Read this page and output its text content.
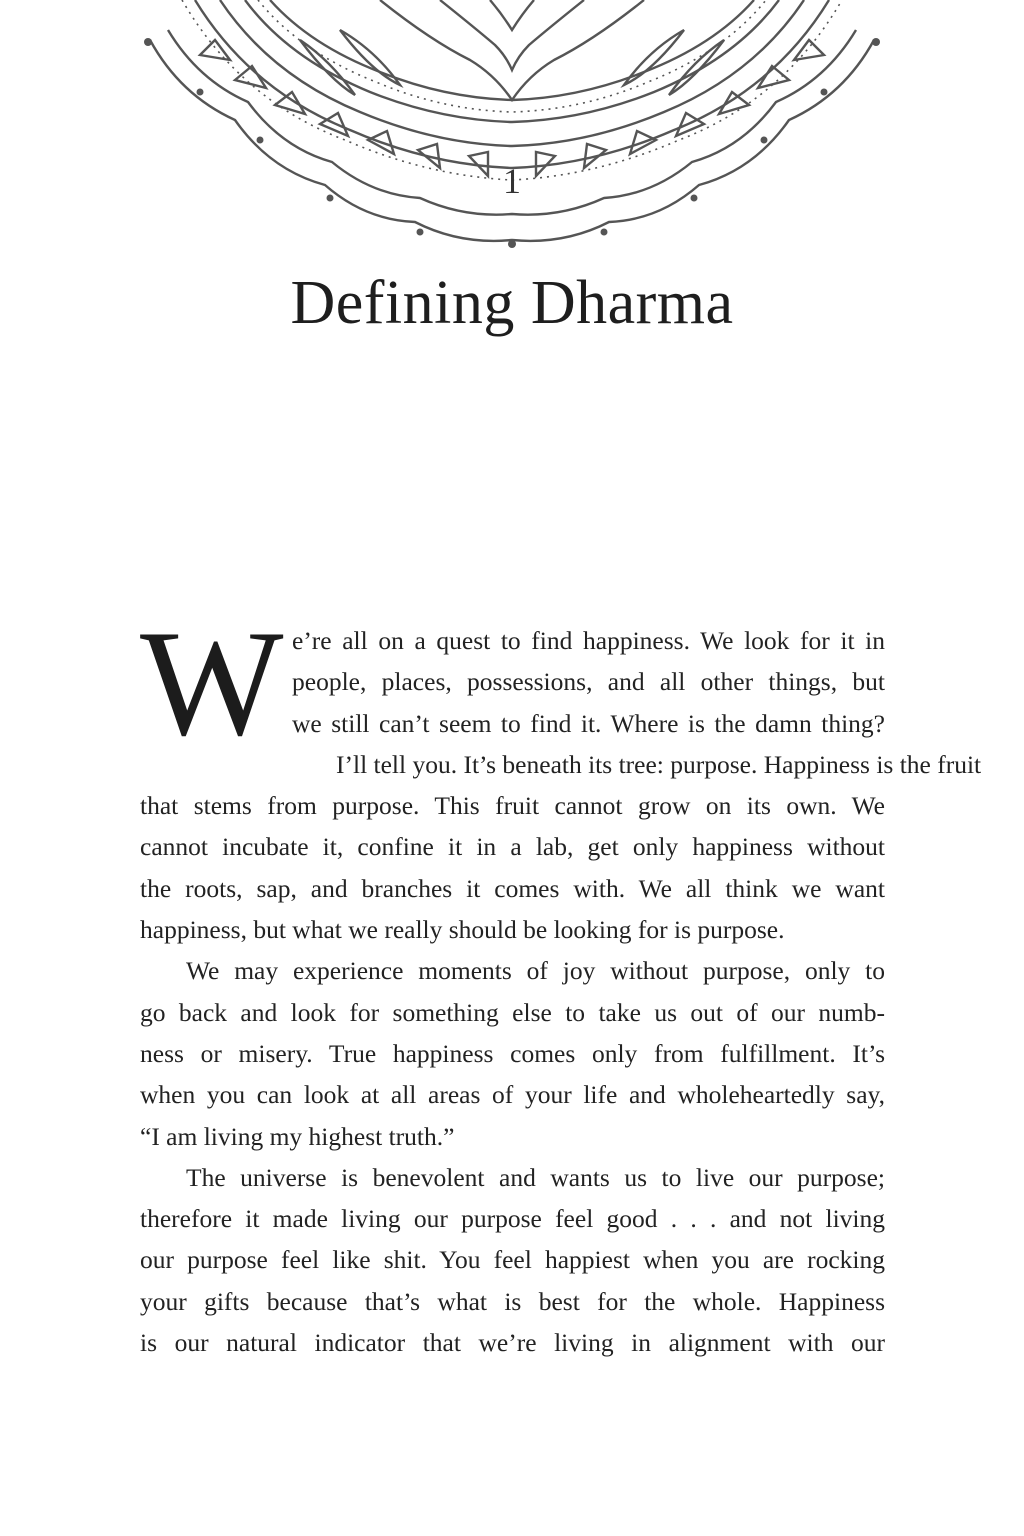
1
Defining Dharma
W e’re all on a quest to find happiness. We look for it in
people, places, possessions, and all other things, but
we still can’t seem to find it. Where is the damn thing?
I’ll tell you. It’s beneath its tree: purpose. Happiness is the fruit
that stems from purpose. This fruit cannot grow on its own. We
cannot incubate it, confine it in a lab, get only happiness without
the roots, sap, and branches it comes with. We all think we want
happiness, but what we really should be looking for is purpose.
We may experience moments of joy without purpose, only to
go back and look for something else to take us out of our numb-
ness or misery. True happiness comes only from fulfillment. It’s
when you can look at all areas of your life and wholeheartedly say,
“I am living my highest truth.”
The universe is benevolent and wants us to live our purpose;
therefore it made living our purpose feel good . . . and not living
our purpose feel like shit. You feel happiest when you are rocking
your gifts because that’s what is best for the whole. Happiness
is our natural indicator that we’re living in alignment with our
